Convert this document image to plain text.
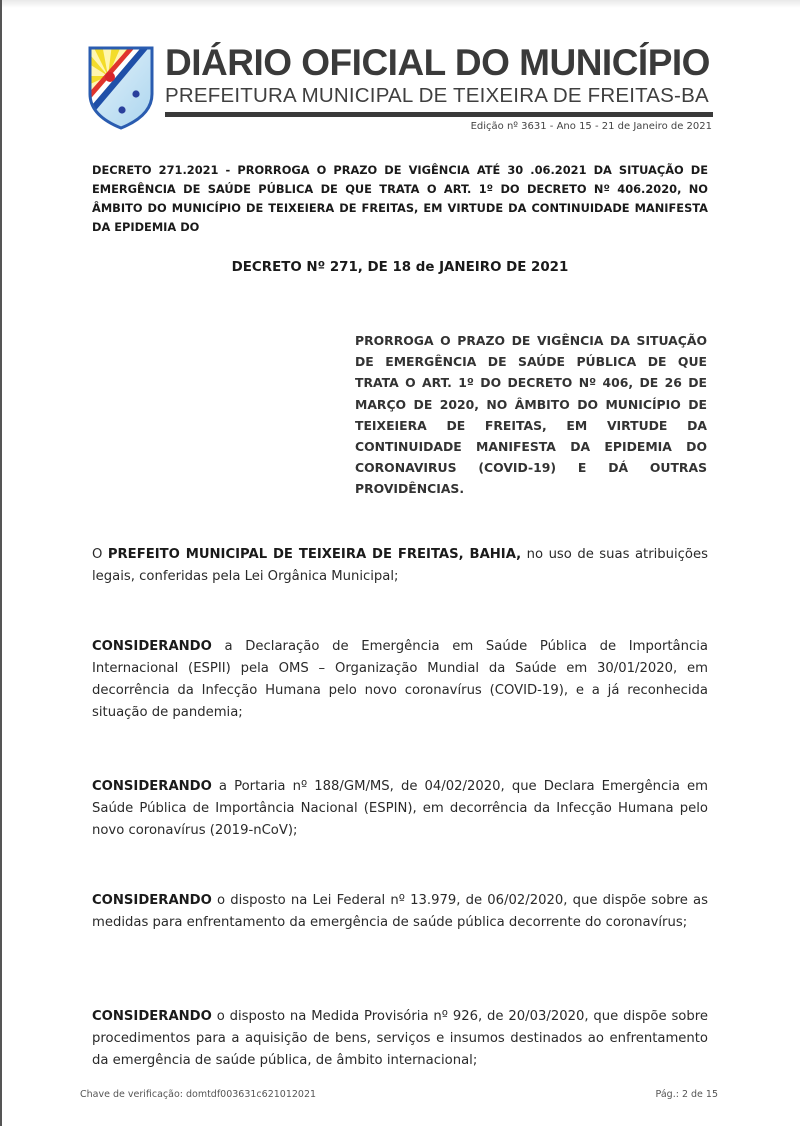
DIÁRIO OFICIAL DO MUNICÍPIO
PREFEITURA MUNICIPAL DE TEIXEIRA DE FREITAS-BA
Edição nº 3631 - Ano 15 - 21 de Janeiro de 2021
DECRETO 271.2021 - PRORROGA O PRAZO DE VIGÊNCIA ATÉ 30 .06.2021 DA SITUAÇÃO DE EMERGÊNCIA DE SAÚDE PÚBLICA DE QUE TRATA O ART. 1º DO DECRETO Nº 406.2020, NO ÂMBITO DO MUNICÍPIO DE TEIXEIERA DE FREITAS, EM VIRTUDE DA CONTINUIDADE MANIFESTA DA EPIDEMIA DO
DECRETO Nº 271, DE 18 de JANEIRO DE 2021
PRORROGA O PRAZO DE VIGÊNCIA DA SITUAÇÃO DE EMERGÊNCIA DE SAÚDE PÚBLICA DE QUE TRATA O ART. 1º DO DECRETO Nº 406, DE 26 DE MARÇO DE 2020, NO ÂMBITO DO MUNICÍPIO DE TEIXEIERA DE FREITAS, EM VIRTUDE DA CONTINUIDADE MANIFESTA DA EPIDEMIA DO CORONAVIRUS (COVID-19) E DÁ OUTRAS PROVIDÊNCIAS.
O PREFEITO MUNICIPAL DE TEIXEIRA DE FREITAS, BAHIA, no uso de suas atribuições legais, conferidas pela Lei Orgânica Municipal;
CONSIDERANDO a Declaração de Emergência em Saúde Pública de Importância Internacional (ESPII) pela OMS – Organização Mundial da Saúde em 30/01/2020, em decorrência da Infecção Humana pelo novo coronavírus (COVID-19), e a já reconhecida situação de pandemia;
CONSIDERANDO a Portaria nº 188/GM/MS, de 04/02/2020, que Declara Emergência em Saúde Pública de Importância Nacional (ESPIN), em decorrência da Infecção Humana pelo novo coronavírus (2019-nCoV);
CONSIDERANDO o disposto na Lei Federal nº 13.979, de 06/02/2020, que dispõe sobre as medidas para enfrentamento da emergência de saúde pública decorrente do coronavírus;
CONSIDERANDO o disposto na Medida Provisória nº 926, de 20/03/2020, que dispõe sobre procedimentos para a aquisição de bens, serviços e insumos destinados ao enfrentamento da emergência de saúde pública, de âmbito internacional;
Chave de verificação: domtdf003631c621012021	Pág.: 2 de 15
